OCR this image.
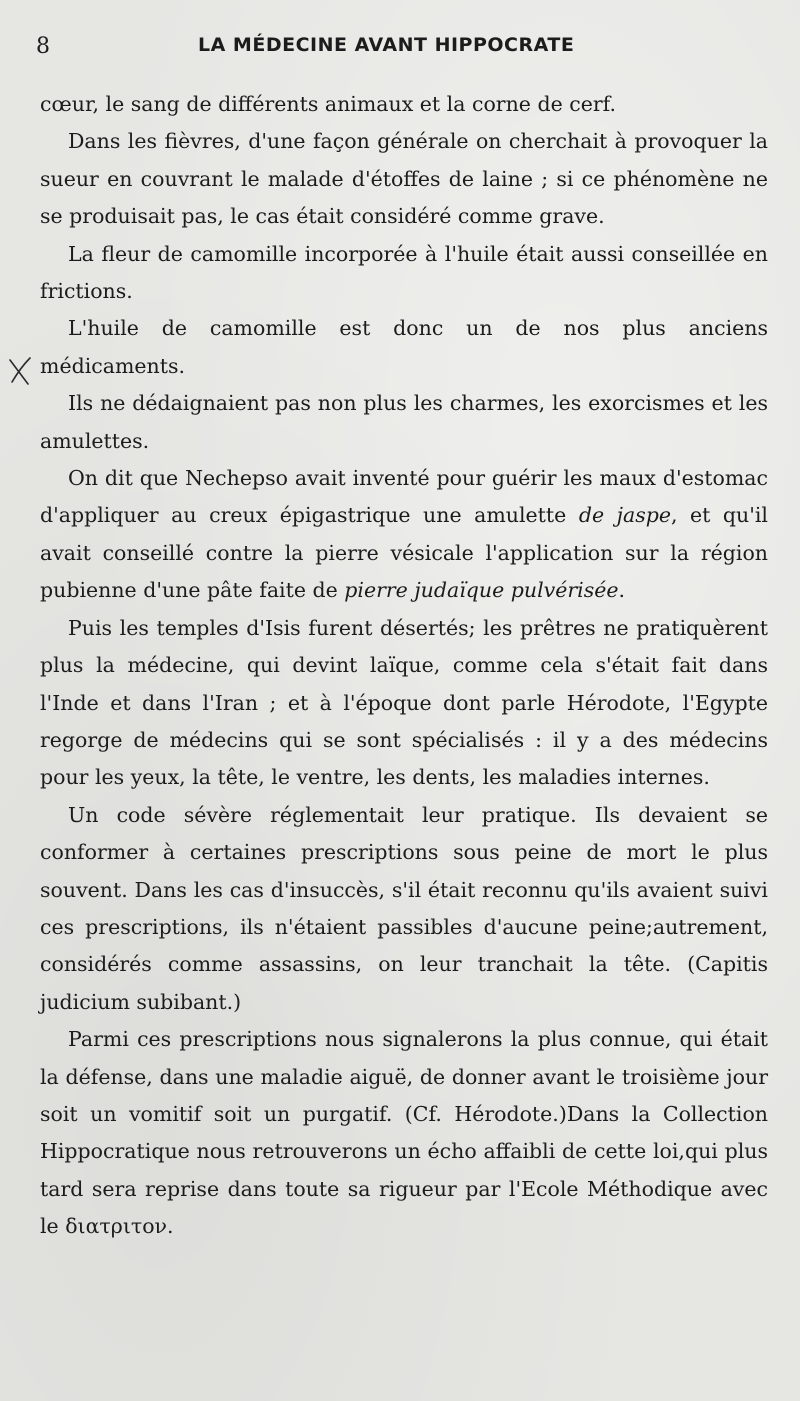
8	LA MÉDECINE AVANT HIPPOCRATE

cœur, le sang de différents animaux et la corne de cerf.

Dans les fièvres, d'une façon générale on cherchait à provoquer la sueur en couvrant le malade d'étoffes de laine ; si ce phénomène ne se produisait pas, le cas était considéré comme grave.

La fleur de camomille incorporée à l'huile était aussi conseillée en frictions.

L'huile de camomille est donc un de nos plus anciens médicaments.

Ils ne dédaignaient pas non plus les charmes, les exorcismes et les amulettes.

On dit que Nechepso avait inventé pour guérir les maux d'estomac d'appliquer au creux épigastrique une amulette de jaspe, et qu'il avait conseillé contre la pierre vésicale l'application sur la région pubienne d'une pâte faite de pierre judaïque pulvérisée.

Puis les temples d'Isis furent désertés; les prêtres ne pratiquèrent plus la médecine, qui devint laïque, comme cela s'était fait dans l'Inde et dans l'Iran ; et à l'époque dont parle Hérodote, l'Egypte regorge de médecins qui se sont spécialisés : il y a des médecins pour les yeux, la tête, le ventre, les dents, les maladies internes.

Un code sévère réglementait leur pratique. Ils devaient se conformer à certaines prescriptions sous peine de mort le plus souvent. Dans les cas d'insuccès, s'il était reconnu qu'ils avaient suivi ces prescriptions, ils n'étaient passibles d'aucune peine;autrement, considérés comme assassins, on leur tranchait la tête. (Capitis judicium subibant.)

Parmi ces prescriptions nous signalerons la plus connue, qui était la défense, dans une maladie aiguë, de donner avant le troisième jour soit un vomitif soit un purgatif. (Cf. Hérodote.)Dans la Collection Hippocratique nous retrouverons un écho affaibli de cette loi,qui plus tard sera reprise dans toute sa rigueur par l'Ecole Méthodique avec le διατριτον.
